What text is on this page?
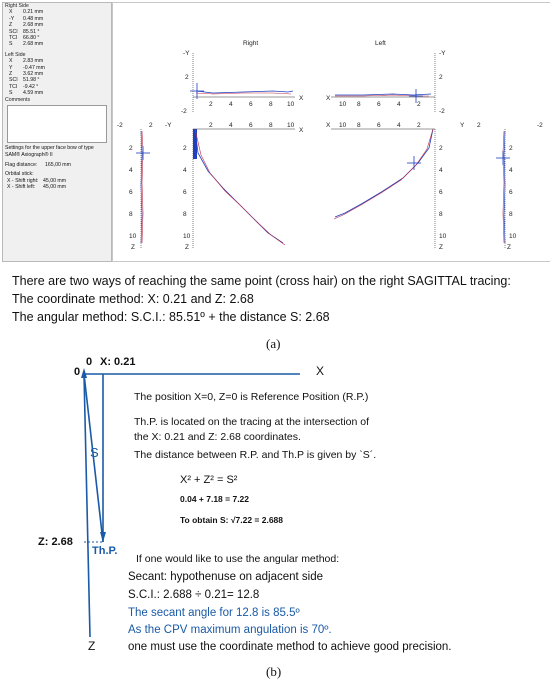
Right Side
X	0.21 mm
-Y	0.48 mm
Z	2.68 mm
SCI	85.51 °
TCI	66.80 °
S	2.68 mm
Left Side
X	2.83 mm
Y	-0.47 mm
Z	3.62 mm
SCI	51.98 °
TCI	-9.42 °
S	4.59 mm
Comments
Settings for the upper face bow of type SAM® Axiograph® II
Flag distance:	165,00 mm
Orbital stick:
X - Shift right: 45,00 mm
X - Shift left:	45,00 mm
Right	Left
-Y
2
-2
X
2	4	6	8 10
X
-Y
2
-2
10 8	6	4	2
-2	2 -Y	Y 2	-2
2	4	6	8 10
X
2
4
6
8
10
Z
X 10 8	6	4	2
2
4
6
8
10
Z
2
4
6
8
10
Z
2
4
6
8
10
Z
There are two ways of reaching the same point (cross hair) on the right SAGITTAL tracing:
The coordinate method: X: 0.21 and Z: 2.68
The angular method: S.C.I.: 85.51º + the distance S: 2.68
(a)
0
0 X: 0.21
X
S
Z: 2.68
Th.P.
Z
The position X=0, Z=0 is Reference Position (R.P.)
Th.P. is located on the tracing at the intersection of
the X: 0.21 and Z: 2.68 coordinates.
The distance between R.P. and Th.P is given by `S´.
X² + Z² = S²
0.04 + 7.18 = 7.22
To obtain S: √7.22 = 2.688
If one would like to use the angular method:
Secant: hypothenuse on adjacent side
S.C.I.: 2.688 ÷ 0.21= 12.8
The secant angle for 12.8 is 85.5º
As the CPV maximum angulation is 70º.
one must use the coordinate method to achieve good precision.
(b)
